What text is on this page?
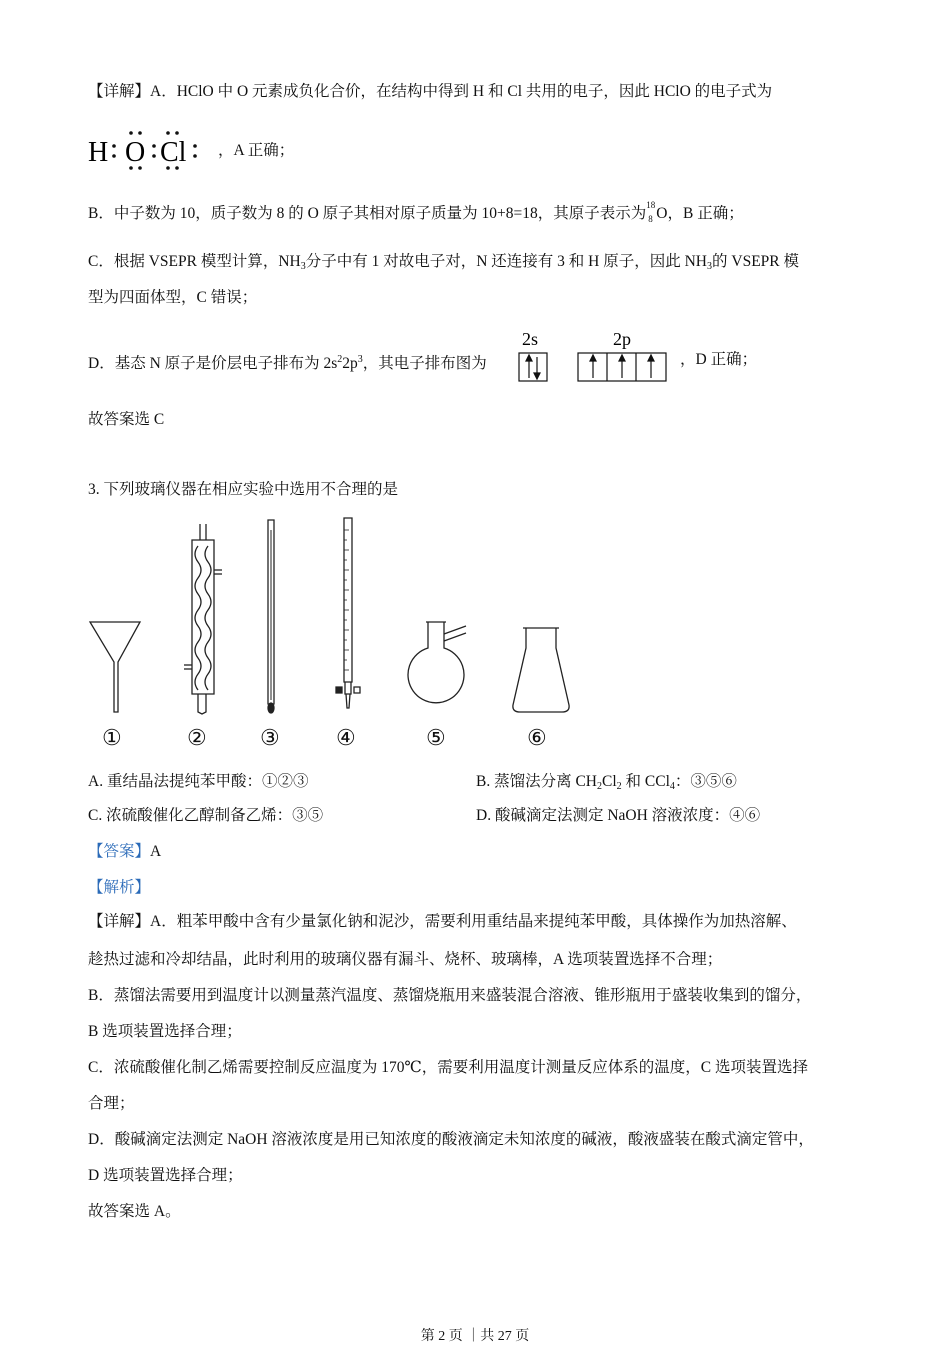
【详解】A．HClO 中 O 元素成负化合价，在结构中得到 H 和 Cl 共用的电子，因此 HClO 的电子式为
H O Cl ，A 正确；
B．中子数为 10，质子数为 8 的 O 原子其相对原子质量为 10+8=18，其原子表示为 18
8 O，B 正确；
C．根据 VSEPR 模型计算，$NH_3$分子中有 1 对故电子对，N 还连接有 3 和 H 原子，因此 $NH_3$的 VSEPR 模
型为四面体型，C 错误；
D．基态 N 原子是价层电子排布为 $2s^22p^3$，其电子排布图为
2s	2p
，D 正确；
故答案选 C
3. 下列玻璃仪器在相应实验中选用不合理的是
①	② ③	④	⑤	⑥
A. 重结晶法提纯苯甲酸：①②③	B. 蒸馏法分离 $CH_2Cl_2$ 和 CCl$_4$：③⑤⑥
C. 浓硫酸催化乙醇制备乙烯：③⑤	D. 酸碱滴定法测定 NaOH 溶液浓度：④⑥
【答案】A
【解析】
【详解】A．粗苯甲酸中含有少量氯化钠和泥沙，需要利用重结晶来提纯苯甲酸，具体操作为加热溶解、
趁热过滤和冷却结晶，此时利用的玻璃仪器有漏斗、烧杯、玻璃棒，A 选项装置选择不合理；
B．蒸馏法需要用到温度计以测量蒸汽温度、蒸馏烧瓶用来盛装混合溶液、锥形瓶用于盛装收集到的馏分，
B 选项装置选择合理；
C．浓硫酸催化制乙烯需要控制反应温度为 170℃，需要利用温度计测量反应体系的温度，C 选项装置选择
合理；
D．酸碱滴定法测定 NaOH 溶液浓度是用已知浓度的酸液滴定未知浓度的碱液，酸液盛装在酸式滴定管中，
D 选项装置选择合理；
故答案选 A。
第 2 页 ｜共 27 页
